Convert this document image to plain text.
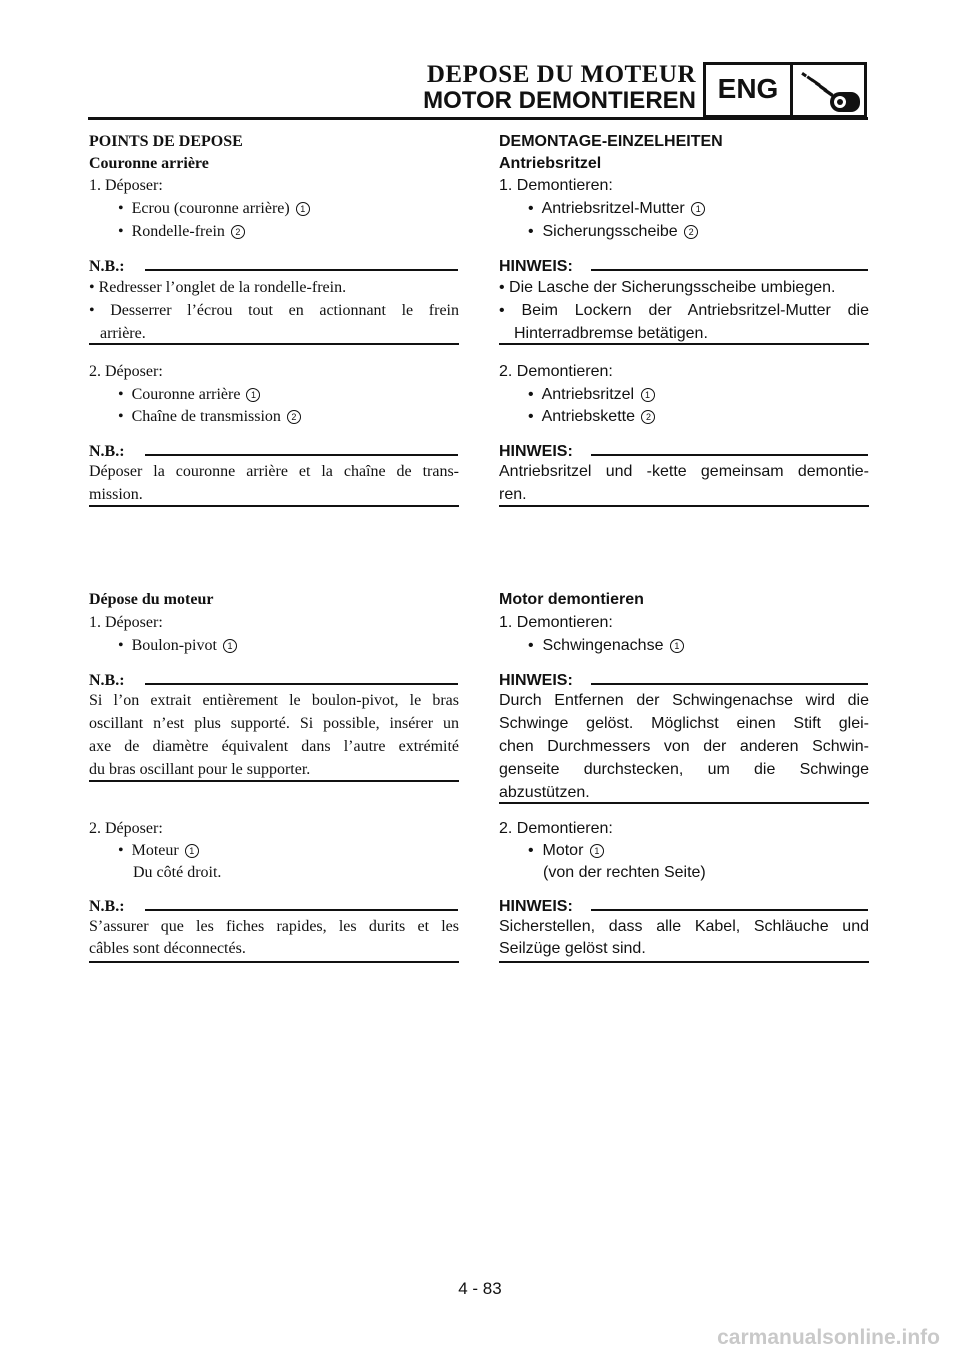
DEPOSE DU MOTEUR
MOTOR DEMONTIEREN ENG
POINTS DE DEPOSE
Couronne arrière
1. Déposer:
•  Ecrou (couronne arrière) 1
•  Rondelle-frein 2
N.B.:
• Redresser l’onglet de la rondelle-frein.
• Desserrer l’écrou tout en actionnant le frein
arrière.
2. Déposer:
•  Couronne arrière 1
•  Chaîne de transmission 2
N.B.:
Déposer la couronne arrière et la chaîne de trans-
mission.
Dépose du moteur
1. Déposer:
•  Boulon-pivot 1
N.B.:
Si l’on extrait entièrement le boulon-pivot, le bras
oscillant n’est plus supporté. Si possible, insérer un
axe de diamètre équivalent dans l’autre extrémité
du bras oscillant pour le supporter.
2. Déposer:
•  Moteur 1
Du côté droit.
N.B.:
S’assurer que les fiches rapides, les durits et les
câbles sont déconnectés.
DEMONTAGE-EINZELHEITEN
Antriebsritzel
1. Demontieren:
•  Antriebsritzel-Mutter 1
•  Sicherungsscheibe 2
HINWEIS:
• Die Lasche der Sicherungsscheibe umbiegen.
• Beim Lockern der Antriebsritzel-Mutter die
Hinterradbremse betätigen.
2. Demontieren:
•  Antriebsritzel 1
•  Antriebskette 2
HINWEIS:
Antriebsritzel und -kette gemeinsam demontie-
ren.
Motor demontieren
1. Demontieren:
•  Schwingenachse 1
HINWEIS:
Durch Entfernen der Schwingenachse wird die
Schwinge gelöst. Möglichst einen Stift glei-
chen Durchmessers von der anderen Schwin-
genseite durchstecken, um die Schwinge
abzustützen.
2. Demontieren:
•  Motor 1
(von der rechten Seite)
HINWEIS:
Sicherstellen, dass alle Kabel, Schläuche und
Seilzüge gelöst sind.
4 - 83
carmanualsonline.info
